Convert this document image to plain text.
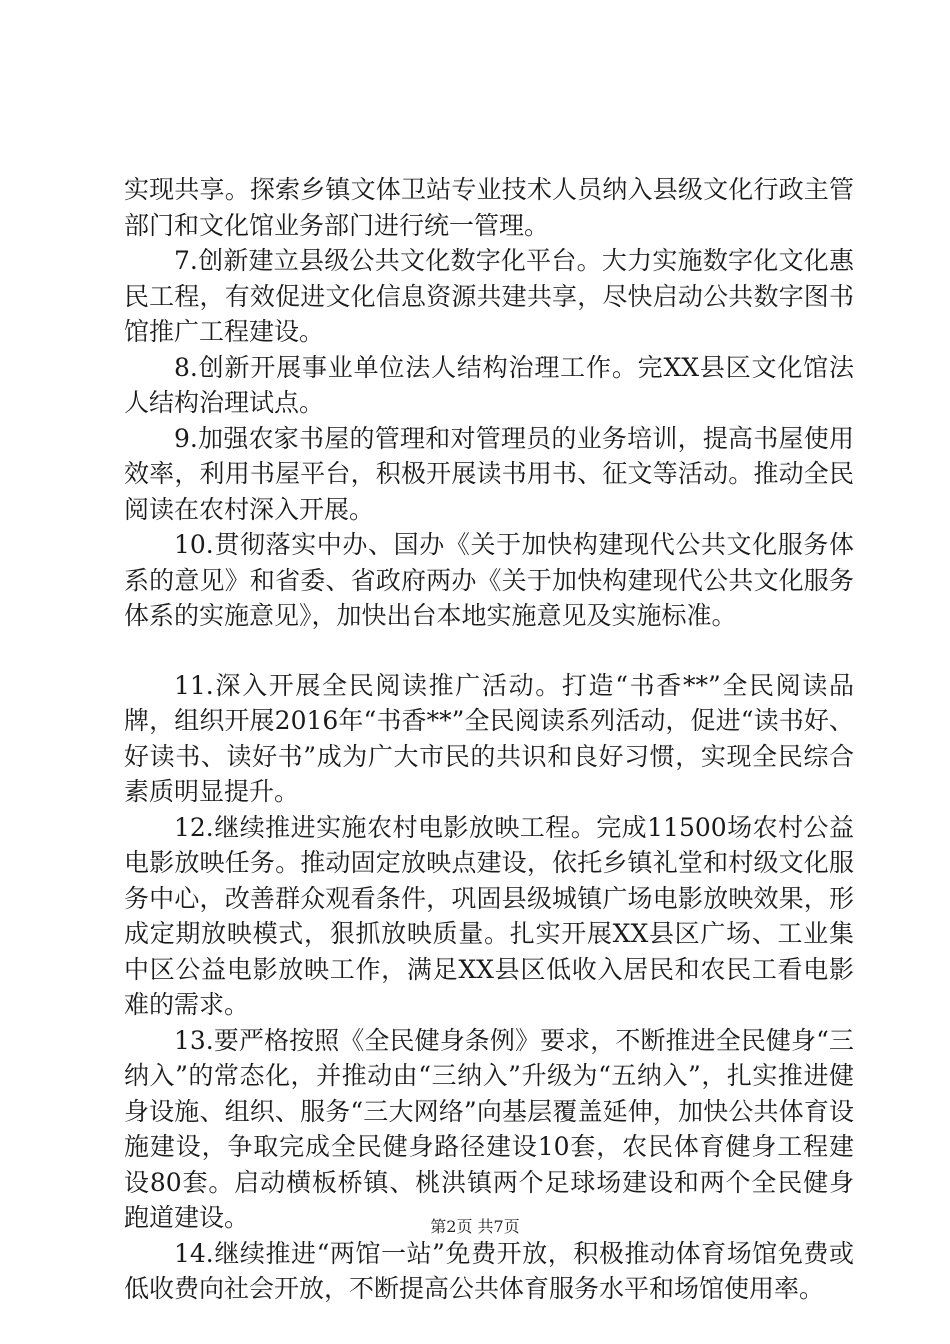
实现共享。探索乡镇文体卫站专业技术人员纳入县级文化行政主管部门和文化馆业务部门进行统一管理。

7.创新建立县级公共文化数字化平台。大力实施数字化文化惠民工程，有效促进文化信息资源共建共享，尽快启动公共数字图书馆推广工程建设。

8.创新开展事业单位法人结构治理工作。完XX县区文化馆法人结构治理试点。

9.加强农家书屋的管理和对管理员的业务培训，提高书屋使用效率，利用书屋平台，积极开展读书用书、征文等活动。推动全民阅读在农村深入开展。

10.贯彻落实中办、国办《关于加快构建现代公共文化服务体系的意见》和省委、省政府两办《关于加快构建现代公共文化服务体系的实施意见》，加快出台本地实施意见及实施标准。

11.深入开展全民阅读推广活动。打造“书香**”全民阅读品牌，组织开展2016年“书香**”全民阅读系列活动，促进“读书好、好读书、读好书”成为广大市民的共识和良好习惯，实现全民综合素质明显提升。

12.继续推进实施农村电影放映工程。完成11500场农村公益电影放映任务。推动固定放映点建设，依托乡镇礼堂和村级文化服务中心，改善群众观看条件，巩固县级城镇广场电影放映效果，形成定期放映模式，狠抓放映质量。扎实开展XX县区广场、工业集中区公益电影放映工作，满足XX县区低收入居民和农民工看电影难的需求。

13.要严格按照《全民健身条例》要求，不断推进全民健身“三纳入”的常态化，并推动由“三纳入”升级为“五纳入”，扎实推进健身设施、组织、服务“三大网络”向基层覆盖延伸，加快公共体育设施建设，争取完成全民健身路径建设10套，农民体育健身工程建设80套。启动横板桥镇、桃洪镇两个足球场建设和两个全民健身跑道建设。

14.继续推进“两馆一站”免费开放，积极推动体育场馆免费或低收费向社会开放，不断提高公共体育服务水平和场馆使用率。

第2页 共7页
